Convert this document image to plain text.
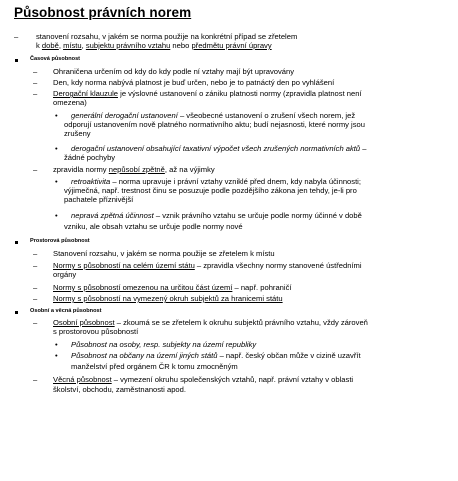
Působnost právních norem
– stanovení rozsahu, v jakém se norma použije na konkrétní případ se zřetelem
k době, místu, subjektu právního vztahu nebo předmětu právní úpravy
Časová působnost
– Ohraničena určením od kdy do kdy podle ní vztahy mají být upravovány
– Den, kdy norma nabývá platnost je buď určen, nebo je to patnáctý den po vyhlášení
– Derogační klauzule je výslovné ustanovení o zániku platnosti normy (zpravidla platnost není
omezena)
• generální derogační ustanovení – všeobecné ustanovení o zrušení všech norem, jež
odporují ustanovením nově platného normativního aktu; budí nejasnosti, které normy jsou
zrušeny
• derogační ustanovení obsahující taxativní výpočet všech zrušených normativních aktů –
žádné pochyby
– zpravidla normy nepůsobí zpětně, až na výjimky
• retroaktivita – norma upravuje i právní vztahy vzniklé před dnem, kdy nabyla účinnosti;
výjimečná, např. trestnost činu se posuzuje podle pozdějšího zákona jen tehdy, je-li pro
pachatele příznivější
• nepravá zpětná účinnost – vznik právního vztahu se určuje podle normy účinné v době
vzniku, ale obsah vztahu se určuje podle normy nové
Prostorová působnost
– Stanovení rozsahu, v jakém se norma použije se zřetelem k místu
– Normy s působností na celém území státu – zpravidla všechny normy stanovené ústředními
orgány
– Normy s působností omezenou na určitou část území – např. pohraničí
– Normy s působností na vymezený okruh subjektů za hranicemi státu
Osobní a věcná působnost
– Osobní působnost – zkoumá se se zřetelem k okruhu subjektů právního vztahu, vždy zároveň
s prostorovou působností
• Působnost na osoby, resp. subjekty na území republiky
• Působnost na občany na území jiných států – např. český občan může v cizině uzavřít
manželství před orgánem ČR k tomu zmocněným
– Věcná působnost – vymezení okruhu společenských vztahů, např. právní vztahy v oblasti
školství, obchodu, zaměstnanosti apod.
